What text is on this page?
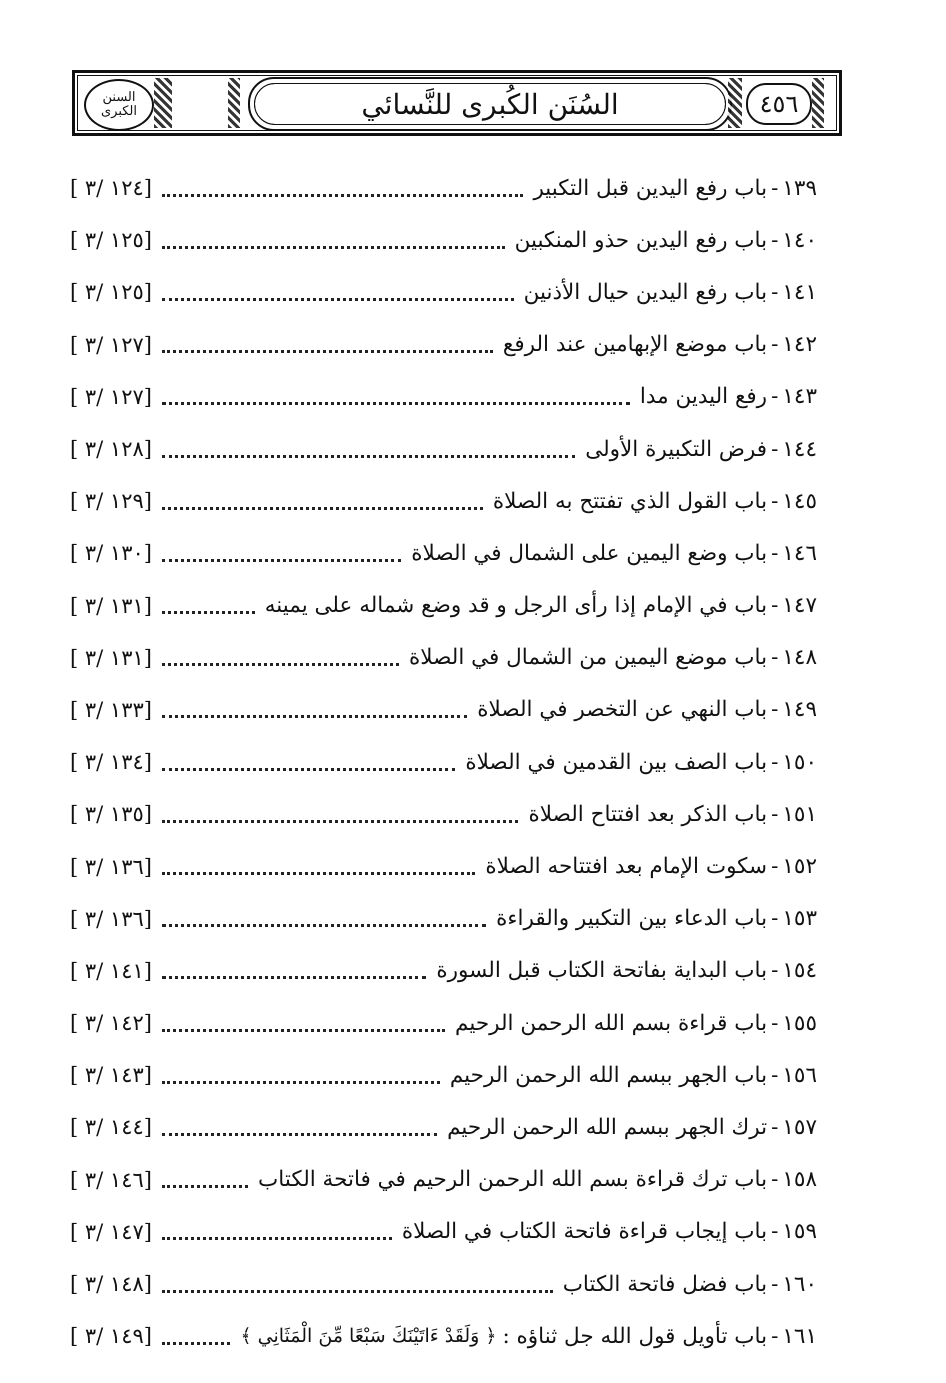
السنن الكبرى	السُنَن الكُبرى للنَّسائي	٤٥٦
١٣٩
-
باب رفع اليدين قبل التكبير
[ ١٢٤ /٣]
١٤٠
-
باب رفع اليدين حذو المنكبين
[ ١٢٥ /٣]
١٤١
-
باب رفع اليدين حيال الأذنين
[ ١٢٥ /٣]
١٤٢
-
باب موضع الإبهامين عند الرفع
[ ١٢٧ /٣]
١٤٣
-
رفع اليدين مدا
[ ١٢٧ /٣]
١٤٤
-
فرض التكبيرة الأولى
[ ١٢٨ /٣]
١٤٥
-
باب القول الذي تفتتح به الصلاة
[ ١٢٩ /٣]
١٤٦
-
باب وضع اليمين على الشمال في الصلاة
[ ١٣٠ /٣]
١٤٧
-
باب في الإمام إذا رأى الرجل و قد وضع شماله على يمينه
[ ١٣١ /٣]
١٤٨
-
باب موضع اليمين من الشمال في الصلاة
[ ١٣١ /٣]
١٤٩
-
باب النهي عن التخصر في الصلاة
[ ١٣٣ /٣]
١٥٠
-
باب الصف بين القدمين في الصلاة
[ ١٣٤ /٣]
١٥١
-
باب الذكر بعد افتتاح الصلاة
[ ١٣٥ /٣]
١٥٢
-
سكوت الإمام بعد افتتاحه الصلاة
[ ١٣٦ /٣]
١٥٣
-
باب الدعاء بين التكبير والقراءة
[ ١٣٦ /٣]
١٥٤
-
باب البداية بفاتحة الكتاب قبل السورة
[ ١٤١ /٣]
١٥٥
-
باب قراءة بسم الله الرحمن الرحيم
[ ١٤٢ /٣]
١٥٦
-
باب الجهر ببسم الله الرحمن الرحيم
[ ١٤٣ /٣]
١٥٧
-
ترك الجهر ببسم الله الرحمن الرحيم
[ ١٤٤ /٣]
١٥٨
-
باب ترك قراءة بسم الله الرحمن الرحيم في فاتحة الكتاب
[ ١٤٦ /٣]
١٥٩
-
باب إيجاب قراءة فاتحة الكتاب في الصلاة
[ ١٤٧ /٣]
١٦٠
-
باب فضل فاتحة الكتاب
[ ١٤٨ /٣]
١٦١
-
باب تأويل قول الله جل ثناؤه :
﴿ وَلَقَدْ ءَاتَيْنَكَ سَبْعًا مِّنَ الْمَثَانِي ﴾
[ ١٤٩ /٣]
